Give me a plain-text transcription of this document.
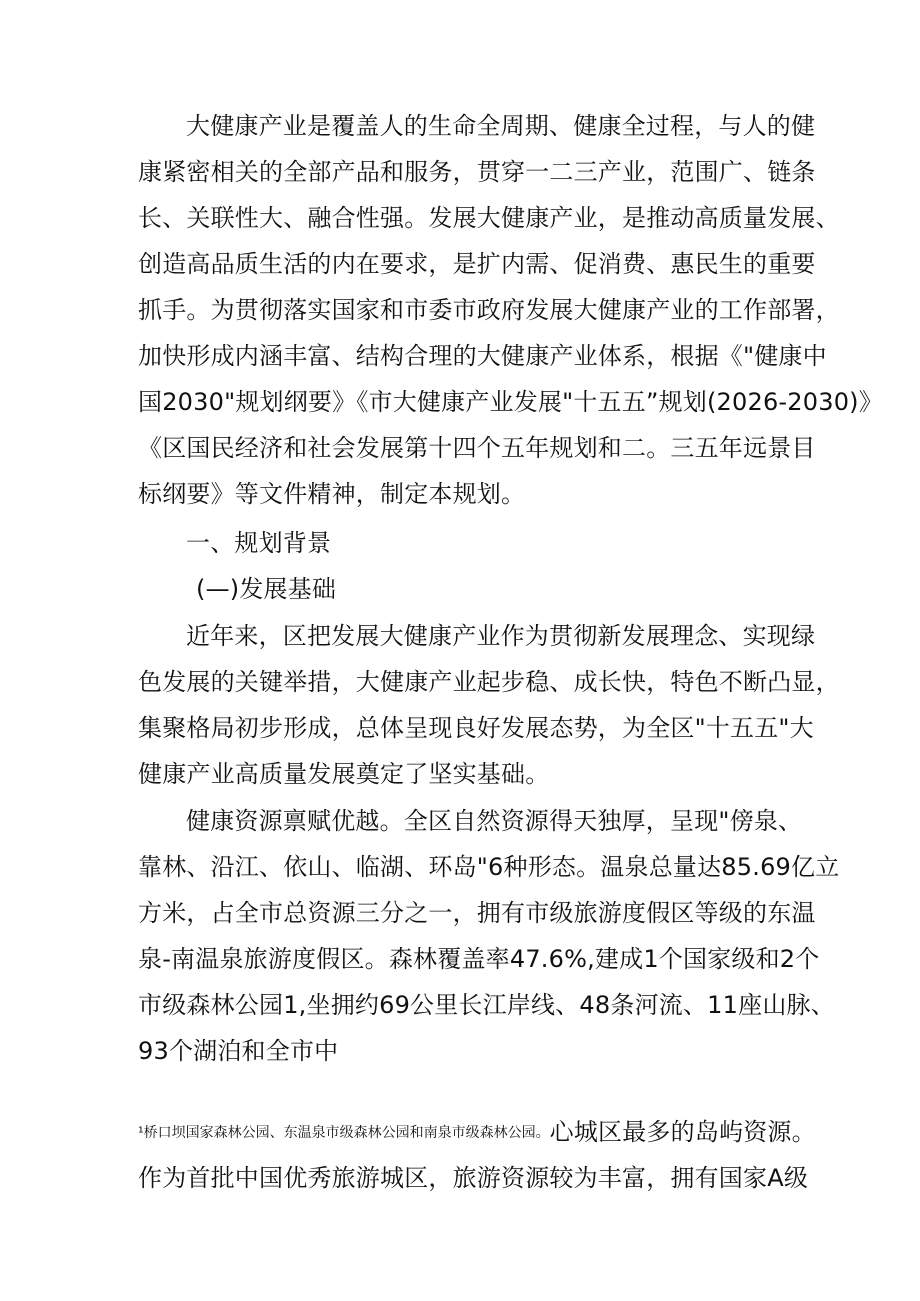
大健康产业是覆盖人的生命全周期、健康全过程，与人的健
康紧密相关的全部产品和服务，贯穿一二三产业，范围广、链条
长、关联性大、融合性强。发展大健康产业，是推动高质量发展、
创造高品质生活的内在要求，是扩内需、促消费、惠民生的重要
抓手。为贯彻落实国家和市委市政府发展大健康产业的工作部署，
加快形成内涵丰富、结构合理的大健康产业体系，根据《"健康中
国2030"规划纲要》《市大健康产业发展"十五五”规划(2026-2030)》
《区国民经济和社会发展第十四个五年规划和二。三五年远景目
标纲要》等文件精神，制定本规划。
一、规划背景
(—)发展基础
近年来，区把发展大健康产业作为贯彻新发展理念、实现绿
色发展的关键举措，大健康产业起步稳、成长快，特色不断凸显，
集聚格局初步形成，总体呈现良好发展态势，为全区"十五五"大
健康产业高质量发展奠定了坚实基础。
健康资源禀赋优越。全区自然资源得天独厚，呈现"傍泉、
靠林、沿江、依山、临湖、环岛"6种形态。温泉总量达85.69亿立
方米，占全市总资源三分之一，拥有市级旅游度假区等级的东温
泉-南温泉旅游度假区。森林覆盖率47.6%,建成1个国家级和2个
市级森林公园1,坐拥约69公里长江岸线、48条河流、11座山脉、
93个湖泊和全市中
¹桥口坝国家森林公园、东温泉市级森林公园和南泉市级森林公园。心城区最多的岛屿资源。
作为首批中国优秀旅游城区，旅游资源较为丰富，拥有国家A级
